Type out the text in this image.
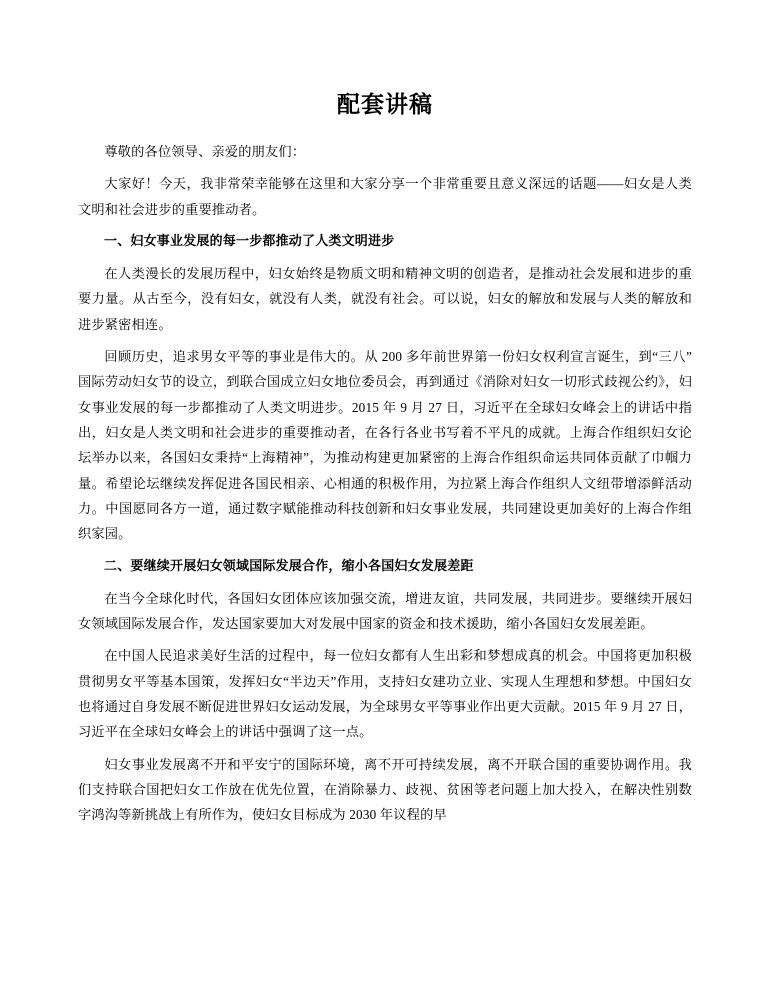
配套讲稿

尊敬的各位领导、亲爱的朋友们：

大家好！今天，我非常荣幸能够在这里和大家分享一个非常重要且意义深远的话题——妇女是人类文明和社会进步的重要推动者。

一、妇女事业发展的每一步都推动了人类文明进步

在人类漫长的发展历程中，妇女始终是物质文明和精神文明的创造者，是推动社会发展和进步的重要力量。从古至今，没有妇女，就没有人类，就没有社会。可以说，妇女的解放和发展与人类的解放和进步紧密相连。

回顾历史，追求男女平等的事业是伟大的。从 200 多年前世界第一份妇女权利宣言诞生，到“三八”国际劳动妇女节的设立，到联合国成立妇女地位委员会，再到通过《消除对妇女一切形式歧视公约》，妇女事业发展的每一步都推动了人类文明进步。2015 年 9 月 27 日，习近平在全球妇女峰会上的讲话中指出，妇女是人类文明和社会进步的重要推动者，在各行各业书写着不平凡的成就。上海合作组织妇女论坛举办以来，各国妇女秉持“上海精神”，为推动构建更加紧密的上海合作组织命运共同体贡献了巾帼力量。希望论坛继续发挥促进各国民相亲、心相通的积极作用，为拉紧上海合作组织人文纽带增添鲜活动力。中国愿同各方一道，通过数字赋能推动科技创新和妇女事业发展，共同建设更加美好的上海合作组织家园。

二、要继续开展妇女领域国际发展合作，缩小各国妇女发展差距

在当今全球化时代，各国妇女团体应该加强交流，增进友谊，共同发展，共同进步。要继续开展妇女领域国际发展合作，发达国家要加大对发展中国家的资金和技术援助，缩小各国妇女发展差距。

在中国人民追求美好生活的过程中，每一位妇女都有人生出彩和梦想成真的机会。中国将更加积极贯彻男女平等基本国策，发挥妇女“半边天”作用，支持妇女建功立业、实现人生理想和梦想。中国妇女也将通过自身发展不断促进世界妇女运动发展，为全球男女平等事业作出更大贡献。2015 年 9 月 27 日，习近平在全球妇女峰会上的讲话中强调了这一点。

妇女事业发展离不开和平安宁的国际环境，离不开可持续发展，离不开联合国的重要协调作用。我们支持联合国把妇女工作放在优先位置，在消除暴力、歧视、贫困等老问题上加大投入，在解决性别数字鸿沟等新挑战上有所作为，使妇女目标成为 2030 年议程的早
